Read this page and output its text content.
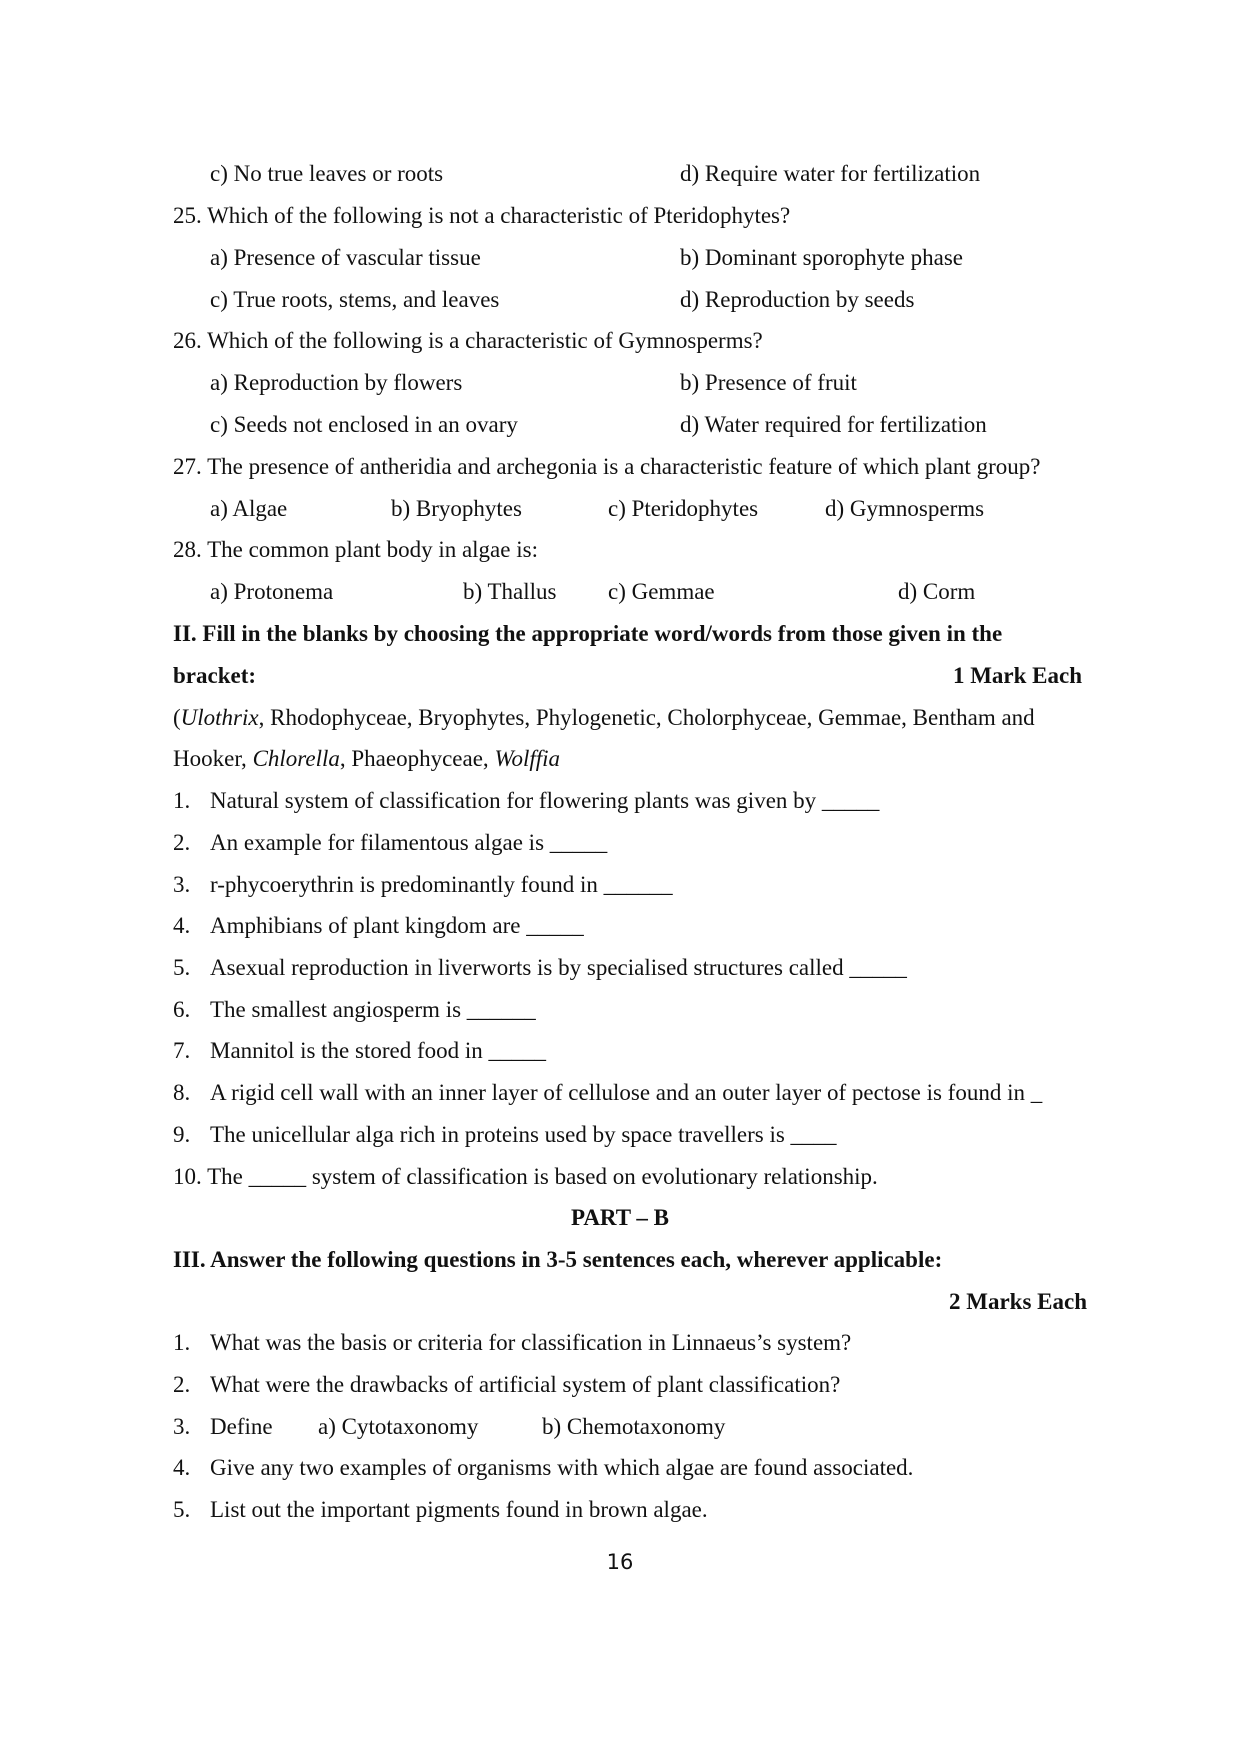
c) No true leaves or roots	d) Require water for fertilization
25. Which of the following is not a characteristic of Pteridophytes?
a) Presence of vascular tissue	b) Dominant sporophyte phase
c) True roots, stems, and leaves	d) Reproduction by seeds
26. Which of the following is a characteristic of Gymnosperms?
a) Reproduction by flowers	b) Presence of fruit
c) Seeds not enclosed in an ovary	d) Water required for fertilization
27. The presence of antheridia and archegonia is a characteristic feature of which plant group?
a) Algae	b) Bryophytes	c) Pteridophytes	d) Gymnosperms
28. The common plant body in algae is:
a) Protonema	b) Thallus c) Gemmae	d) Corm
II. Fill in the blanks by choosing the appropriate word/words from those given in the
bracket:	1 Mark Each
(Ulothrix, Rhodophyceae, Bryophytes, Phylogenetic, Cholorphyceae, Gemmae, Bentham and
Hooker, Chlorella, Phaeophyceae, Wolffia
1. Natural system of classification for flowering plants was given by _____
2. An example for filamentous algae is _____
3. r-phycoerythrin is predominantly found in ______
4. Amphibians of plant kingdom are _____
5. Asexual reproduction in liverworts is by specialised structures called _____
6. The smallest angiosperm is ______
7. Mannitol is the stored food in _____
8. A rigid cell wall with an inner layer of cellulose and an outer layer of pectose is found in _
9. The unicellular alga rich in proteins used by space travellers is ____
10. The _____ system of classification is based on evolutionary relationship.
PART – B
III. Answer the following questions in 3-5 sentences each, wherever applicable:
2 Marks Each
1. What was the basis or criteria for classification in Linnaeus’s system?
2. What were the drawbacks of artificial system of plant classification?
3. Define a) Cytotaxonomy	b) Chemotaxonomy
4. Give any two examples of organisms with which algae are found associated.
5. List out the important pigments found in brown algae.
16
